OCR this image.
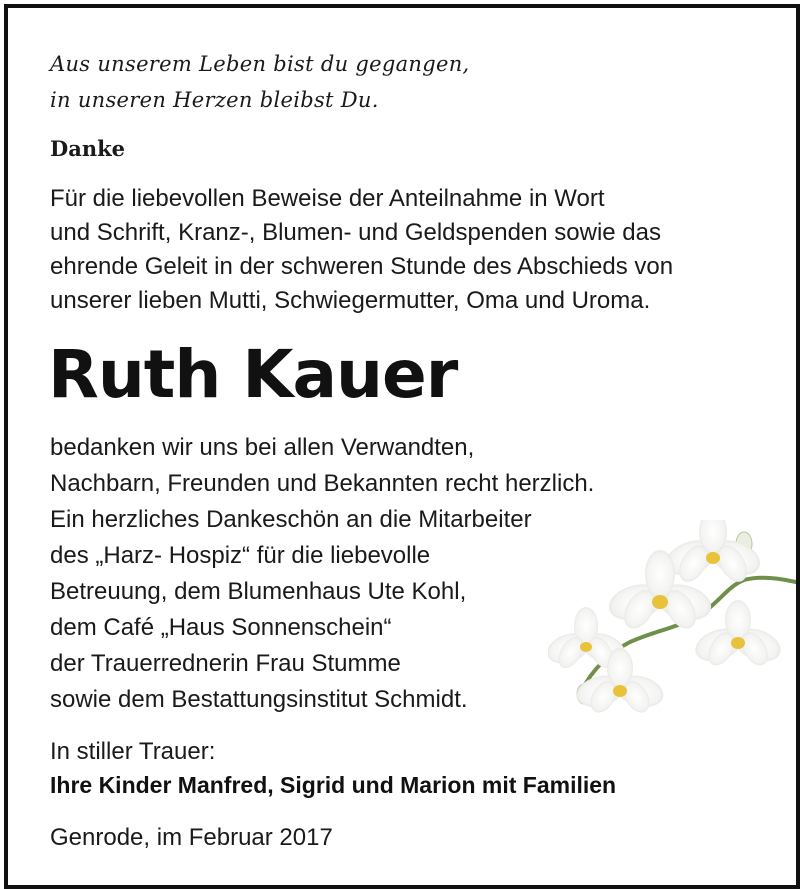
Aus unserem Leben bist du gegangen,
in unseren Herzen bleibst Du.
Danke
Für die liebevollen Beweise der Anteilnahme in Wort
und Schrift, Kranz-, Blumen- und Geldspenden sowie das
ehrende Geleit in der schweren Stunde des Abschieds von
unserer lieben Mutti, Schwiegermutter, Oma und Uroma.
Ruth Kauer
bedanken wir uns bei allen Verwandten,
Nachbarn, Freunden und Bekannten recht herzlich.
Ein herzliches Dankeschön an die Mitarbeiter
des „Harz- Hospiz“ für die liebevolle
Betreuung, dem Blumenhaus Ute Kohl,
dem Café „Haus Sonnenschein“
der Trauerrednerin Frau Stumme
sowie dem Bestattungsinstitut Schmidt.
In stiller Trauer:
Ihre Kinder Manfred, Sigrid und Marion mit Familien
Genrode, im Februar 2017
